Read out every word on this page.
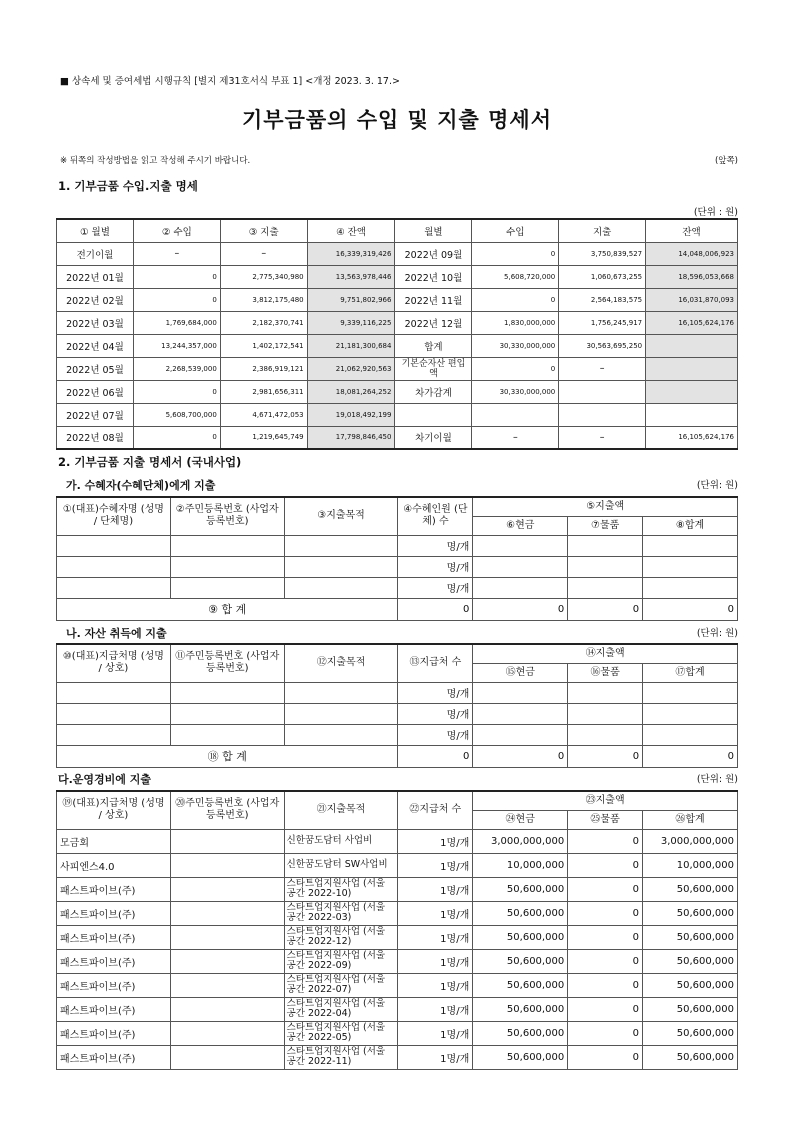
■ 상속세 및 증여세법 시행규칙 [별지 제31호서식 부표 1] <개정 2023. 3. 17.>
기부금품의 수입 및 지출 명세서
※ 뒤쪽의 작성방법을 읽고 작성해 주시기 바랍니다.	(앞쪽)
1. 기부금품 수입.지출 명세
(단위 : 원)
① 월별	② 수입	③ 지출	④ 잔액	월별	수입	지출	잔액
전기이월	–	–	16,339,319,426	2022년 09월	0	3,750,839,527	14,048,006,923
2022년 01월	0	2,775,340,980	13,563,978,446	2022년 10월	5,608,720,000	1,060,673,255	18,596,053,668
2022년 02월	0	3,812,175,480	9,751,802,966	2022년 11월	0	2,564,183,575	16,031,870,093
2022년 03월	1,769,684,000	2,182,370,741	9,339,116,225	2022년 12월	1,830,000,000	1,756,245,917	16,105,624,176
2022년 04월	13,244,357,000	1,402,172,541	21,181,300,684	합계	30,330,000,000	30,563,695,250	
2022년 05월	2,268,539,000	2,386,919,121	21,062,920,563	기본순자산 편입액	0	–	
2022년 06월	0	2,981,656,311	18,081,264,252	차가감계	30,330,000,000		
2022년 07월	5,608,700,000	4,671,472,053	19,018,492,199				
2022년 08월	0	1,219,645,749	17,798,846,450	차기이월	–	–	16,105,624,176
2. 기부금품 지출 명세서 (국내사업)
가. 수혜자(수혜단체)에게 지출	(단위: 원)
①(대표)수혜자명 (성명 / 단체명)	②주민등록번호 (사업자등록번호)	③지출목적	④수혜인원 (단체) 수	⑤지출액		
				⑥현금	⑦물품	⑧합계
			명/개			
			명/개			
			명/개			
⑨ 합 계			0	0	0	0
나. 자산 취득에 지출	(단위: 원)
⑩(대표)지급처명 (성명 / 상호)	⑪주민등록번호 (사업자등록번호)	⑫지출목적	⑬지급처 수	⑭지출액		
				⑮현금	⑯물품	⑰합계
			명/개			
			명/개			
			명/개			
⑱ 합 계			0	0	0	0
다.운영경비에 지출	(단위: 원)
⑲(대표)지급처명 (성명 / 상호)	⑳주민등록번호 (사업자등록번호)	㉑지출목적	㉒지급처 수	㉓지출액		
				㉔현금	㉕물품	㉖합계
모금회		신한꿈도담터 사업비	1명/개	3,000,000,000	0	3,000,000,000
사피엔스4.0		신한꿈도담터 SW사업비	1명/개	10,000,000	0	10,000,000
패스트파이브(주)		스타트업지원사업 (서울 공간 2022-10)	1명/개	50,600,000	0	50,600,000
패스트파이브(주)		스타트업지원사업 (서울 공간 2022-03)	1명/개	50,600,000	0	50,600,000
패스트파이브(주)		스타트업지원사업 (서울 공간 2022-12)	1명/개	50,600,000	0	50,600,000
패스트파이브(주)		스타트업지원사업 (서울 공간 2022-09)	1명/개	50,600,000	0	50,600,000
패스트파이브(주)		스타트업지원사업 (서울 공간 2022-07)	1명/개	50,600,000	0	50,600,000
패스트파이브(주)		스타트업지원사업 (서울 공간 2022-04)	1명/개	50,600,000	0	50,600,000
패스트파이브(주)		스타트업지원사업 (서울 공간 2022-05)	1명/개	50,600,000	0	50,600,000
패스트파이브(주)		스타트업지원사업 (서울 공간 2022-11)	1명/개	50,600,000	0	50,600,000
